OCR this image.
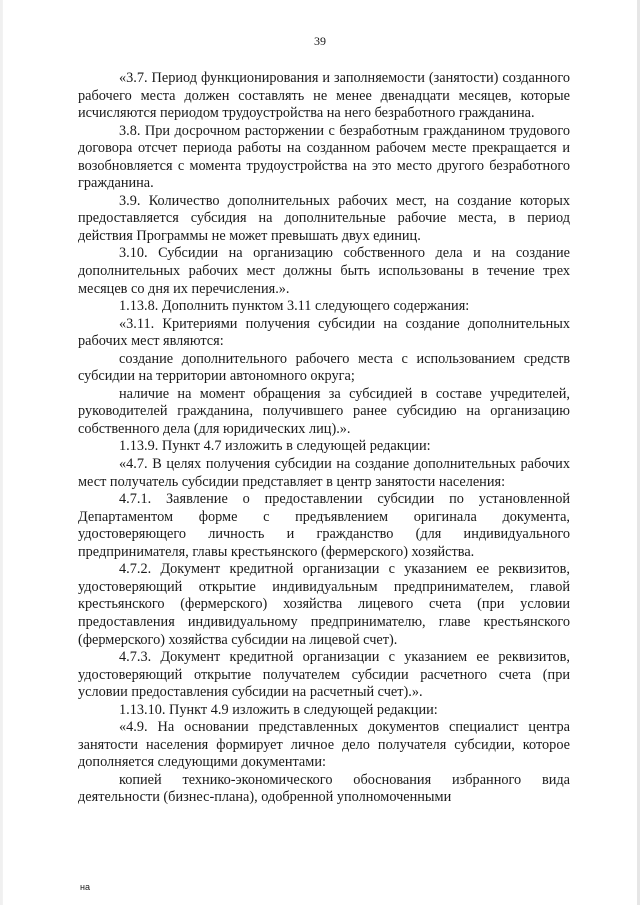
39

«3.7. Период функционирования и заполняемости (занятости) созданного рабочего места должен составлять не менее двенадцати месяцев, которые исчисляются периодом трудоустройства на него безработного гражданина.

3.8. При досрочном расторжении с безработным гражданином трудового договора отсчет периода работы на созданном рабочем месте прекращается и возобновляется с момента трудоустройства на это место другого безработного гражданина.

3.9. Количество дополнительных рабочих мест, на создание которых предоставляется субсидия на дополнительные рабочие места, в период действия Программы не может превышать двух единиц.

3.10. Субсидии на организацию собственного дела и на создание дополнительных рабочих мест должны быть использованы в течение трех месяцев со дня их перечисления.».

1.13.8. Дополнить пунктом 3.11 следующего содержания:

«3.11. Критериями получения субсидии на создание дополнительных рабочих мест являются:

создание дополнительного рабочего места с использованием средств субсидии на территории автономного округа;

наличие на момент обращения за субсидией в составе учредителей, руководителей гражданина, получившего ранее субсидию на организацию собственного дела (для юридических лиц).».

1.13.9. Пункт 4.7 изложить в следующей редакции:

«4.7. В целях получения субсидии на создание дополнительных рабочих мест получатель субсидии представляет в центр занятости населения:

4.7.1. Заявление о предоставлении субсидии по установленной Департаментом форме с предъявлением оригинала документа, удостоверяющего личность и гражданство (для индивидуального предпринимателя, главы крестьянского (фермерского) хозяйства.

4.7.2. Документ кредитной организации с указанием ее реквизитов, удостоверяющий открытие индивидуальным предпринимателем, главой крестьянского (фермерского) хозяйства лицевого счета (при условии предоставления индивидуальному предпринимателю, главе крестьянского (фермерского) хозяйства субсидии на лицевой счет).

4.7.3. Документ кредитной организации с указанием ее реквизитов, удостоверяющий открытие получателем субсидии расчетного счета (при условии предоставления субсидии на расчетный счет).».

1.13.10. Пункт 4.9 изложить в следующей редакции:

«4.9. На основании представленных документов специалист центра занятости населения формирует личное дело получателя субсидии, которое дополняется следующими документами:

копией технико-экономического обоснования избранного вида деятельности (бизнес-плана), одобренной уполномоченными

на
